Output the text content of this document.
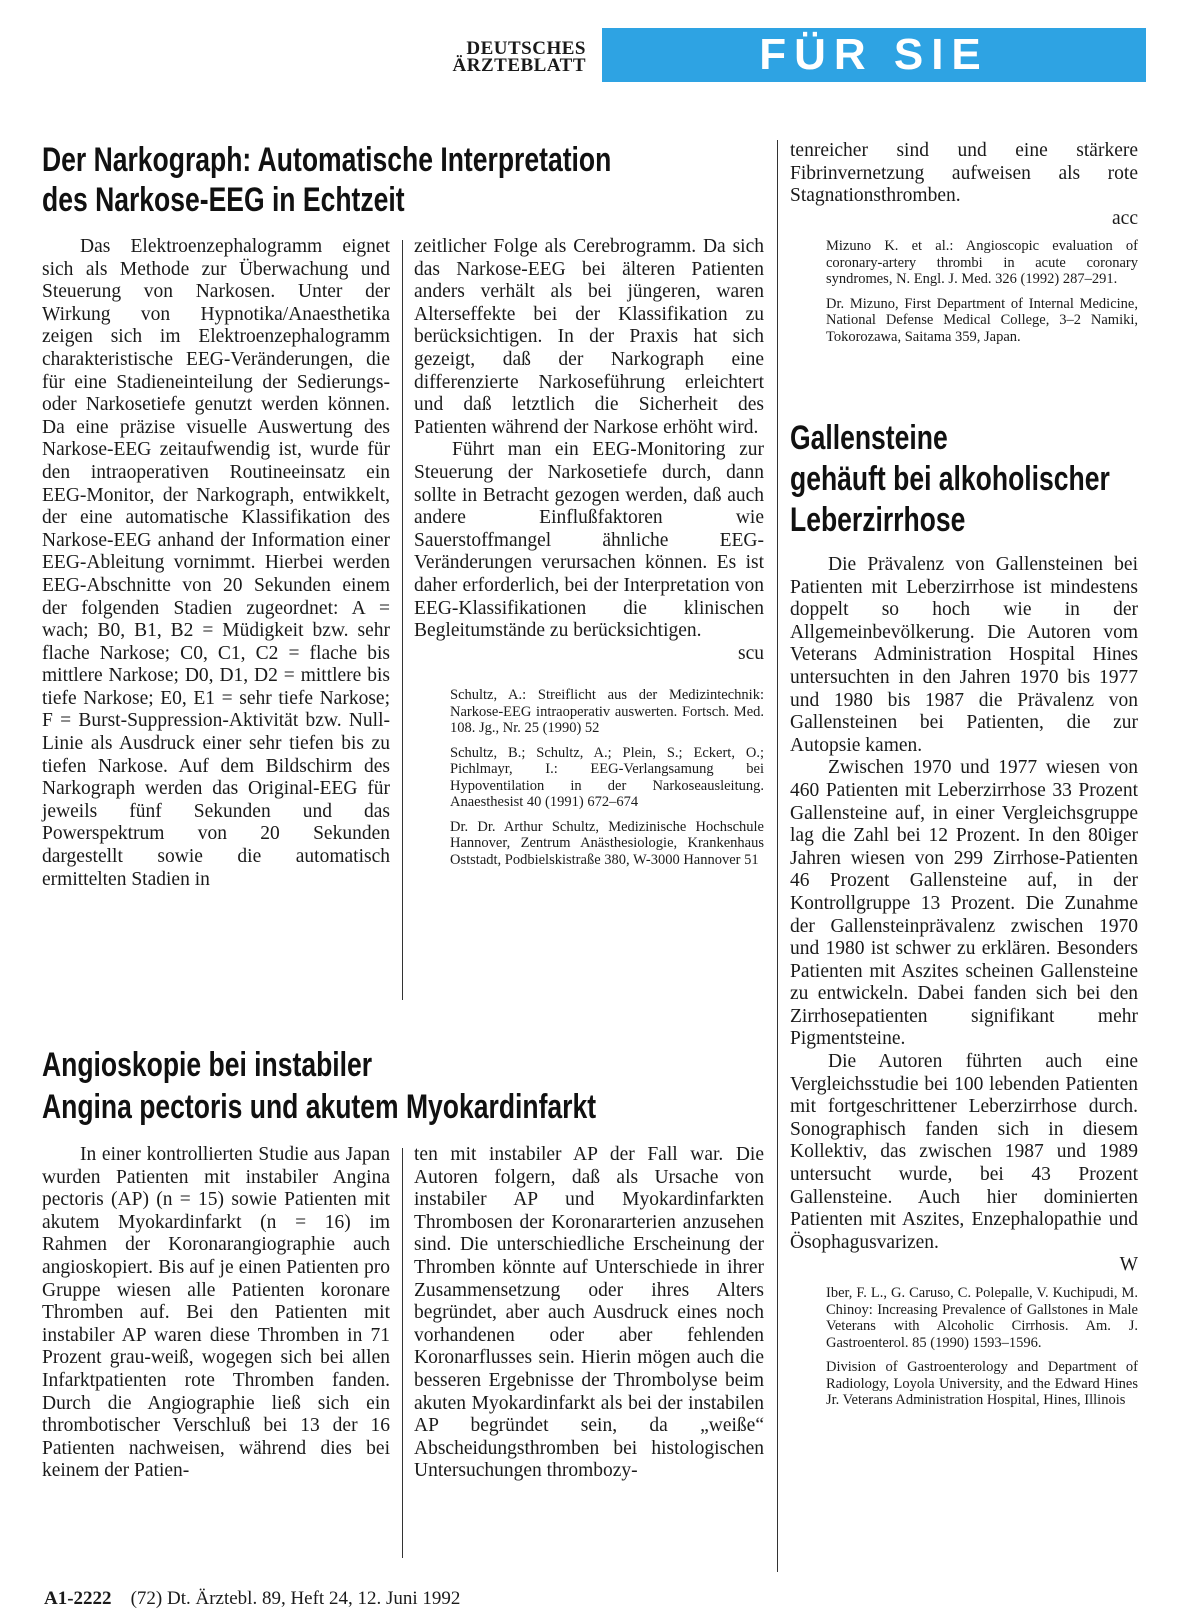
DEUTSCHES
ÄRZTEBLATT	FÜR SIE REFERIERT
Der Narkograph: Automatische Interpretation
des Narkose-EEG in Echtzeit

Das Elektroenzephalogramm eignet sich als Methode zur Überwachung und Steuerung von Narkosen. Unter der Wirkung von Hypnotika/Anaesthetika zeigen sich im Elektroenzephalogramm charakteristische EEG-Veränderungen, die für eine Stadieneinteilung der Sedierungs- oder Narkosetiefe genutzt werden können. Da eine präzise visuelle Auswertung des Narkose-EEG zeitaufwendig ist, wurde für den intraoperativen Routineeinsatz ein EEG-Monitor, der Narkograph, entwikkelt, der eine automatische Klassifikation des Narkose-EEG anhand der Information einer EEG-Ableitung vornimmt. Hierbei werden EEG-Abschnitte von 20 Sekunden einem der folgenden Stadien zugeordnet: A = wach; B0, B1, B2 = Müdigkeit bzw. sehr flache Narkose; C0, C1, C2 = flache bis mittlere Narkose; D0, D1, D2 = mittlere bis tiefe Narkose; E0, E1 = sehr tiefe Narkose; F = Burst-Suppression-Aktivität bzw. Null-Linie als Ausdruck einer sehr tiefen bis zu tiefen Narkose. Auf dem Bildschirm des Narkograph werden das Original-EEG für jeweils fünf Sekunden und das Powerspektrum von 20 Sekunden dargestellt sowie die automatisch ermittelten Stadien in

zeitlicher Folge als Cerebrogramm. Da sich das Narkose-EEG bei älteren Patienten anders verhält als bei jüngeren, waren Alterseffekte bei der Klassifikation zu berücksichtigen. In der Praxis hat sich gezeigt, daß der Narkograph eine differenzierte Narkoseführung erleichtert und daß letztlich die Sicherheit des Patienten während der Narkose erhöht wird.

Führt man ein EEG-Monitoring zur Steuerung der Narkosetiefe durch, dann sollte in Betracht gezogen werden, daß auch andere Einflußfaktoren wie Sauerstoffmangel ähnliche EEG-Veränderungen verursachen können. Es ist daher erforderlich, bei der Interpretation von EEG-Klassifikationen die klinischen Begleitumstände zu berücksichtigen.

scu

Schultz, A.: Streiflicht aus der Medizintechnik: Narkose-EEG intraoperativ auswerten. Fortsch. Med. 108. Jg., Nr. 25 (1990) 52

Schultz, B.; Schultz, A.; Plein, S.; Eckert, O.; Pichlmayr, I.: EEG-Verlangsamung bei Hypoventilation in der Narkoseausleitung. Anaesthesist 40 (1991) 672–674

Dr. Dr. Arthur Schultz, Medizinische Hochschule Hannover, Zentrum Anästhesiologie, Krankenhaus Oststadt, Podbielskistraße 380, W-3000 Hannover 51

Angioskopie bei instabiler
Angina pectoris und akutem Myokardinfarkt

In einer kontrollierten Studie aus Japan wurden Patienten mit instabiler Angina pectoris (AP) (n = 15) sowie Patienten mit akutem Myokardinfarkt (n = 16) im Rahmen der Koronarangiographie auch angioskopiert. Bis auf je einen Patienten pro Gruppe wiesen alle Patienten koronare Thromben auf. Bei den Patienten mit instabiler AP waren diese Thromben in 71 Prozent grau-weiß, wogegen sich bei allen Infarktpatienten rote Thromben fanden. Durch die Angiographie ließ sich ein thrombotischer Verschluß bei 13 der 16 Patienten nachweisen, während dies bei keinem der Patien-

ten mit instabiler AP der Fall war. Die Autoren folgern, daß als Ursache von instabiler AP und Myokardinfarkten Thrombosen der Koronararterien anzusehen sind. Die unterschiedliche Erscheinung der Thromben könnte auf Unterschiede in ihrer Zusammensetzung oder ihres Alters begründet, aber auch Ausdruck eines noch vorhandenen oder aber fehlenden Koronarflusses sein. Hierin mögen auch die besseren Ergebnisse der Thrombolyse beim akuten Myokardinfarkt als bei der instabilen AP begründet sein, da „weiße“ Abscheidungsthromben bei histologischen Untersuchungen thrombozy-

tenreicher sind und eine stärkere Fibrinvernetzung aufweisen als rote Stagnationsthromben.

acc

Mizuno K. et al.: Angioscopic evaluation of coronary-artery thrombi in acute coronary syndromes, N. Engl. J. Med. 326 (1992) 287–291.

Dr. Mizuno, First Department of Internal Medicine, National Defense Medical College, 3–2 Namiki, Tokorozawa, Saitama 359, Japan.

Gallensteine
gehäuft bei alkoholischer
Leberzirrhose

Die Prävalenz von Gallensteinen bei Patienten mit Leberzirrhose ist mindestens doppelt so hoch wie in der Allgemeinbevölkerung. Die Autoren vom Veterans Administration Hospital Hines untersuchten in den Jahren 1970 bis 1977 und 1980 bis 1987 die Prävalenz von Gallensteinen bei Patienten, die zur Autopsie kamen.

Zwischen 1970 und 1977 wiesen von 460 Patienten mit Leberzirrhose 33 Prozent Gallensteine auf, in einer Vergleichsgruppe lag die Zahl bei 12 Prozent. In den 80iger Jahren wiesen von 299 Zirrhose-Patienten 46 Prozent Gallensteine auf, in der Kontrollgruppe 13 Prozent. Die Zunahme der Gallensteinprävalenz zwischen 1970 und 1980 ist schwer zu erklären. Besonders Patienten mit Aszites scheinen Gallensteine zu entwickeln. Dabei fanden sich bei den Zirrhosepatienten signifikant mehr Pigmentsteine.

Die Autoren führten auch eine Vergleichsstudie bei 100 lebenden Patienten mit fortgeschrittener Leberzirrhose durch. Sonographisch fanden sich in diesem Kollektiv, das zwischen 1987 und 1989 untersucht wurde, bei 43 Prozent Gallensteine. Auch hier dominierten Patienten mit Aszites, Enzephalopathie und Ösophagusvarizen.

W

Iber, F. L., G. Caruso, C. Polepalle, V. Kuchipudi, M. Chinoy: Increasing Prevalence of Gallstones in Male Veterans with Alcoholic Cirrhosis. Am. J. Gastroenterol. 85 (1990) 1593–1596.

Division of Gastroenterology and Department of Radiology, Loyola University, and the Edward Hines Jr. Veterans Administration Hospital, Hines, Illinois

A1-2222 (72) Dt. Ärztebl. 89, Heft 24, 12. Juni 1992
